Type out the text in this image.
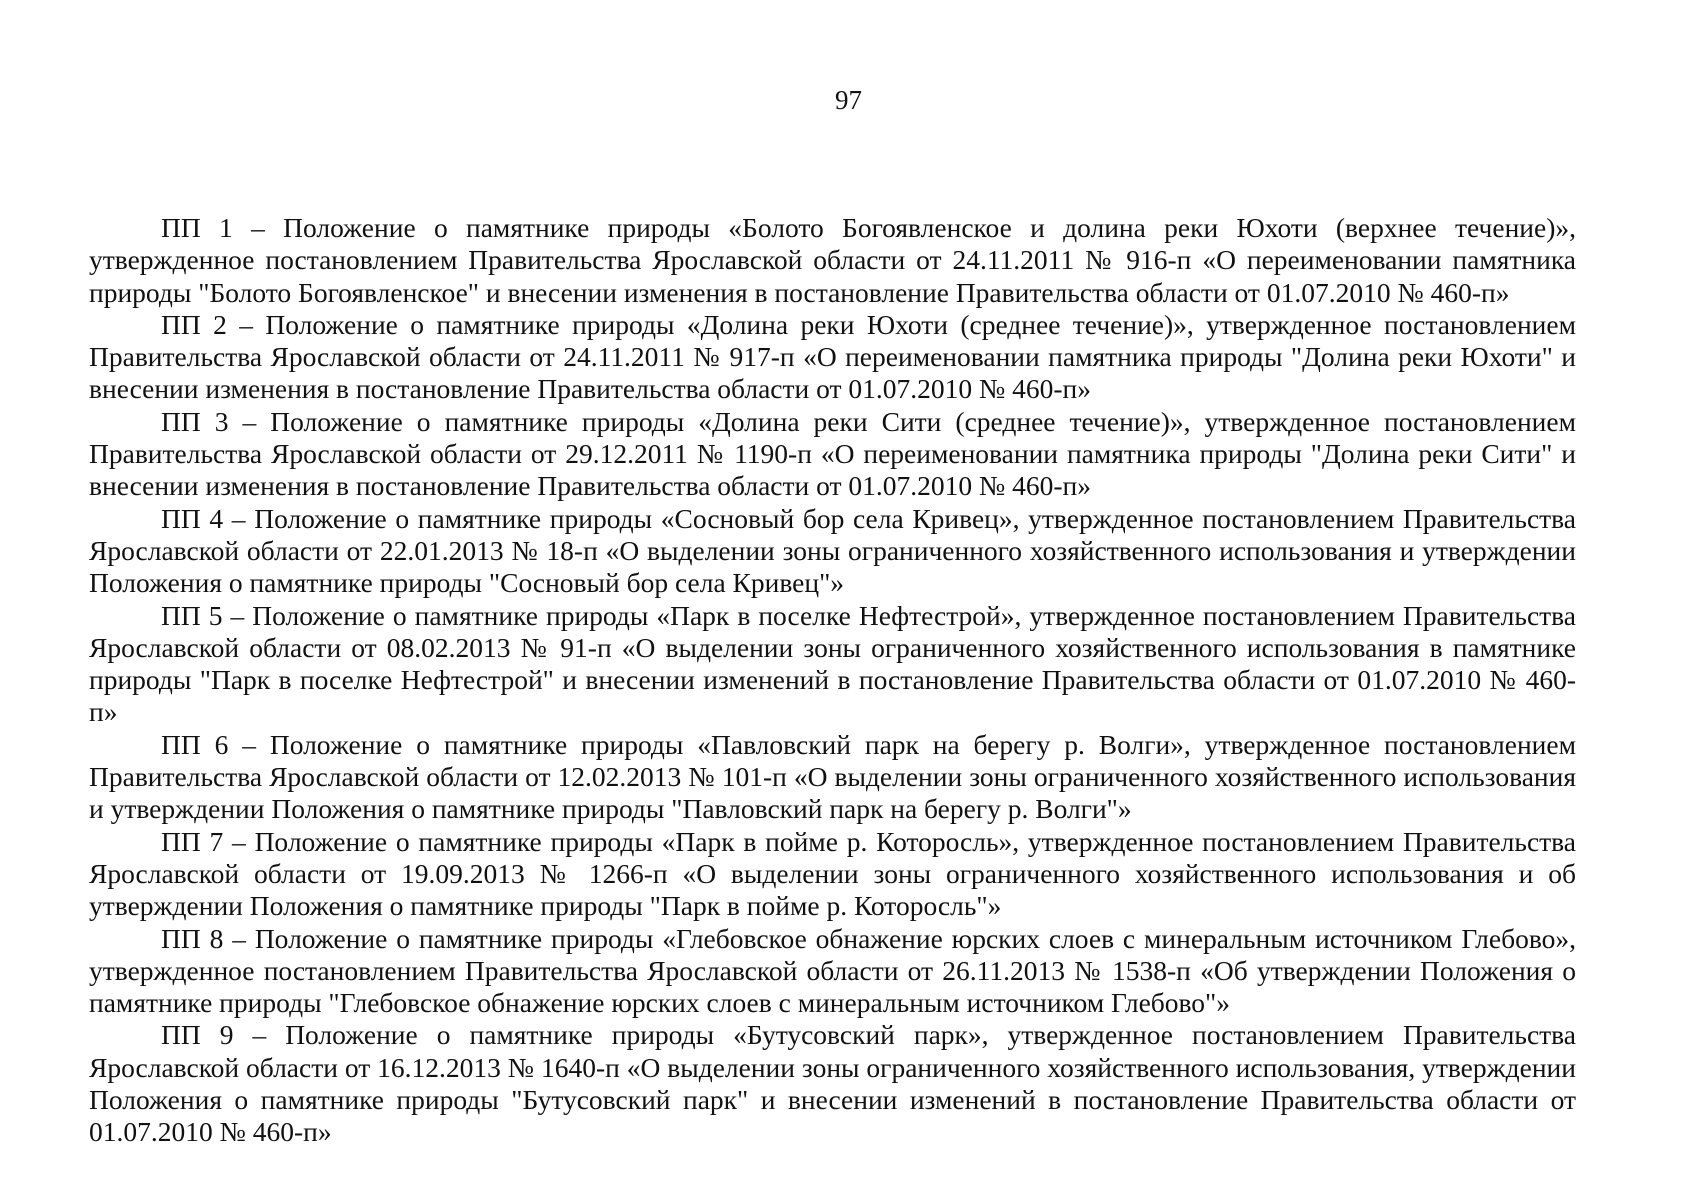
97

ПП 1 – Положение о памятнике природы «Болото Богоявленское и долина реки Юхоти (верхнее течение)», утвержденное постановлением Правительства Ярославской области от 24.11.2011 № 916-п «О переименовании памятника природы "Болото Богоявленское" и внесении изменения в постановление Правительства области от 01.07.2010 № 460-п»

ПП 2 – Положение о памятнике природы «Долина реки Юхоти (среднее течение)», утвержденное постановлением Правительства Ярославской области от 24.11.2011 № 917-п «О переименовании памятника природы "Долина реки Юхоти" и внесении изменения в постановление Правительства области от 01.07.2010 № 460-п»

ПП 3 – Положение о памятнике природы «Долина реки Сити (среднее течение)», утвержденное постановлением Правительства Ярославской области от 29.12.2011 № 1190-п «О переименовании памятника природы "Долина реки Сити" и внесении изменения в постановление Правительства области от 01.07.2010 № 460-п»

ПП 4 – Положение о памятнике природы «Сосновый бор села Кривец», утвержденное постановлением Правительства Ярославской области от 22.01.2013 № 18-п «О выделении зоны ограниченного хозяйственного использования и утверждении Положения о памятнике природы "Сосновый бор села Кривец"»

ПП 5 – Положение о памятнике природы «Парк в поселке Нефтестрой», утвержденное постановлением Правительства Ярославской области от 08.02.2013 № 91-п «О выделении зоны ограниченного хозяйственного использования в памятнике природы "Парк в поселке Нефтестрой" и внесении изменений в постановление Правительства области от 01.07.2010 № 460-п»

ПП 6 – Положение о памятнике природы «Павловский парк на берегу р. Волги», утвержденное постановлением Правительства Ярославской области от 12.02.2013 № 101-п «О выделении зоны ограниченного хозяйственного использования и утверждении Положения о памятнике природы "Павловский парк на берегу р. Волги"»

ПП 7 – Положение о памятнике природы «Парк в пойме р. Которосль», утвержденное постановлением Правительства Ярославской области от 19.09.2013 № 1266-п «О выделении зоны ограниченного хозяйственного использования и об утверждении Положения о памятнике природы "Парк в пойме р. Которосль"»

ПП 8 – Положение о памятнике природы «Глебовское обнажение юрских слоев с минеральным источником Глебово», утвержденное постановлением Правительства Ярославской области от 26.11.2013 № 1538-п «Об утверждении Положения о памятнике природы "Глебовское обнажение юрских слоев с минеральным источником Глебово"»

ПП 9 – Положение о памятнике природы «Бутусовский парк», утвержденное постановлением Правительства Ярославской области от 16.12.2013 № 1640-п «О выделении зоны ограниченного хозяйственного использования, утверждении Положения о памятнике природы "Бутусовский парк" и внесении изменений в постановление Правительства области от 01.07.2010 № 460-п»
